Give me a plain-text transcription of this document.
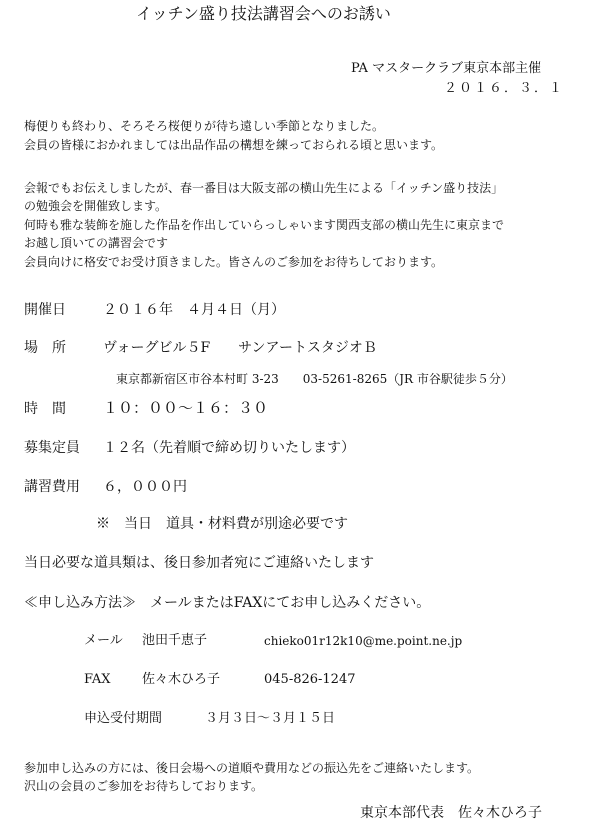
イッチン盛り技法講習会へのお誘い
PA マスタークラブ東京本部主催
２０１６．３．１
梅便りも終わり、そろそろ桜便りが待ち遠しい季節となりました。
会員の皆様におかれましては出品作品の構想を練っておられる頃と思います。
会報でもお伝えしましたが、春一番目は大阪支部の横山先生による「イッチン盛り技法」
の勉強会を開催致します。
何時も雅な装飾を施した作品を作出していらっしゃいます関西支部の横山先生に東京まで
お越し頂いての講習会です
会員向けに格安でお受け頂きました。皆さんのご参加をお待ちしております。
開催日	２０１６年　４月４日（月）
場　所	ヴォーグビル５F　　サンアートスタジオＢ
東京都新宿区市谷本村町 3-23　　03-5261-8265（JR 市谷駅徒歩５分）
時　間 １０：００〜１６：３０
募集定員 １２名（先着順で締め切りいたします）
講習費用 ６，０００円
※　当日　道具・材料費が別途必要です
当日必要な道具類は、後日参加者宛にご連絡いたします
≪申し込み方法≫　メールまたはFAXにてお申し込みください。
メール 池田千恵子	chieko01r12k10@me.point.ne.jp
FAX 佐々木ひろ子	045-826-1247
申込受付期間	３月３日〜３月１５日
参加申し込みの方には、後日会場への道順や費用などの振込先をご連絡いたします。
沢山の会員のご参加をお待ちしております。
東京本部代表　佐々木ひろ子
